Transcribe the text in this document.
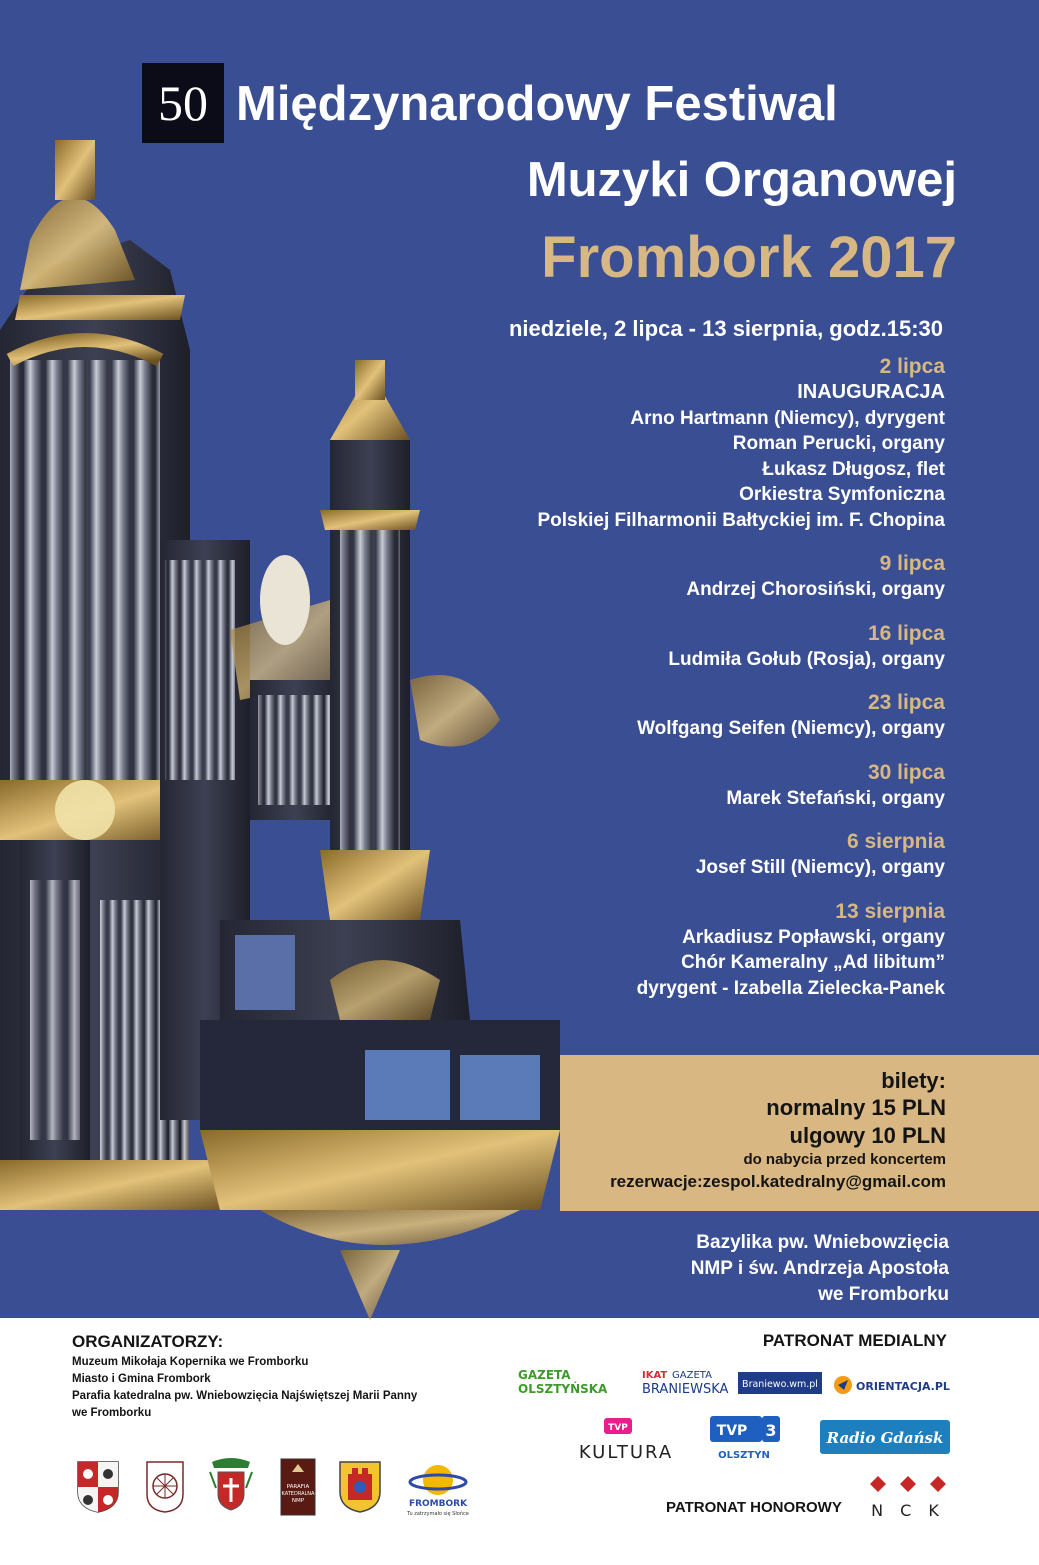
50 Międzynarodowy Festiwal
Muzyki Organowej
Frombork 2017
niedziele, 2 lipca - 13 sierpnia, godz.15:30
2 lipca
INAUGURACJA
Arno Hartmann (Niemcy), dyrygent
Roman Perucki, organy
Łukasz Długosz, flet
Orkiestra Symfoniczna
Polskiej Filharmonii Bałtyckiej im. F. Chopina
9 lipca
Andrzej Chorosiński, organy
16 lipca
Ludmiła Gołub (Rosja), organy
23 lipca
Wolfgang Seifen (Niemcy), organy
30 lipca
Marek Stefański, organy
6 sierpnia
Josef Still (Niemcy), organy
13 sierpnia
Arkadiusz Popławski, organy
Chór Kameralny „Ad libitum”
dyrygent - Izabella Zielecka-Panek
bilety:
normalny 15 PLN
ulgowy 10 PLN
do nabycia przed koncertem
rezerwacje:zespol.katedralny@gmail.com
Bazylika pw. Wniebowzięcia
NMP i św. Andrzeja Apostoła
we Fromborku
ORGANIZATORZY:
Muzeum Mikołaja Kopernika we Fromborku
Miasto i Gmina Frombork
Parafia katedralna pw. Wniebowzięcia Najświętszej Marii Panny
we Fromborku
PARAFIA
KATEDRALNA
NMP	FROMBORK
Tu zatrzymało się Słońce
PATRONAT MEDIALNY
PATRONAT HONOROWY
GAZETA
OLSZTYŃSKA
IKAT GAZETA
BRANIEWSKA Braniewo.wm.pl	ORIENTACJA.PL
TVP
KULTURA
TVP 3
OLSZTYN
Radio Gdańsk
N C K
